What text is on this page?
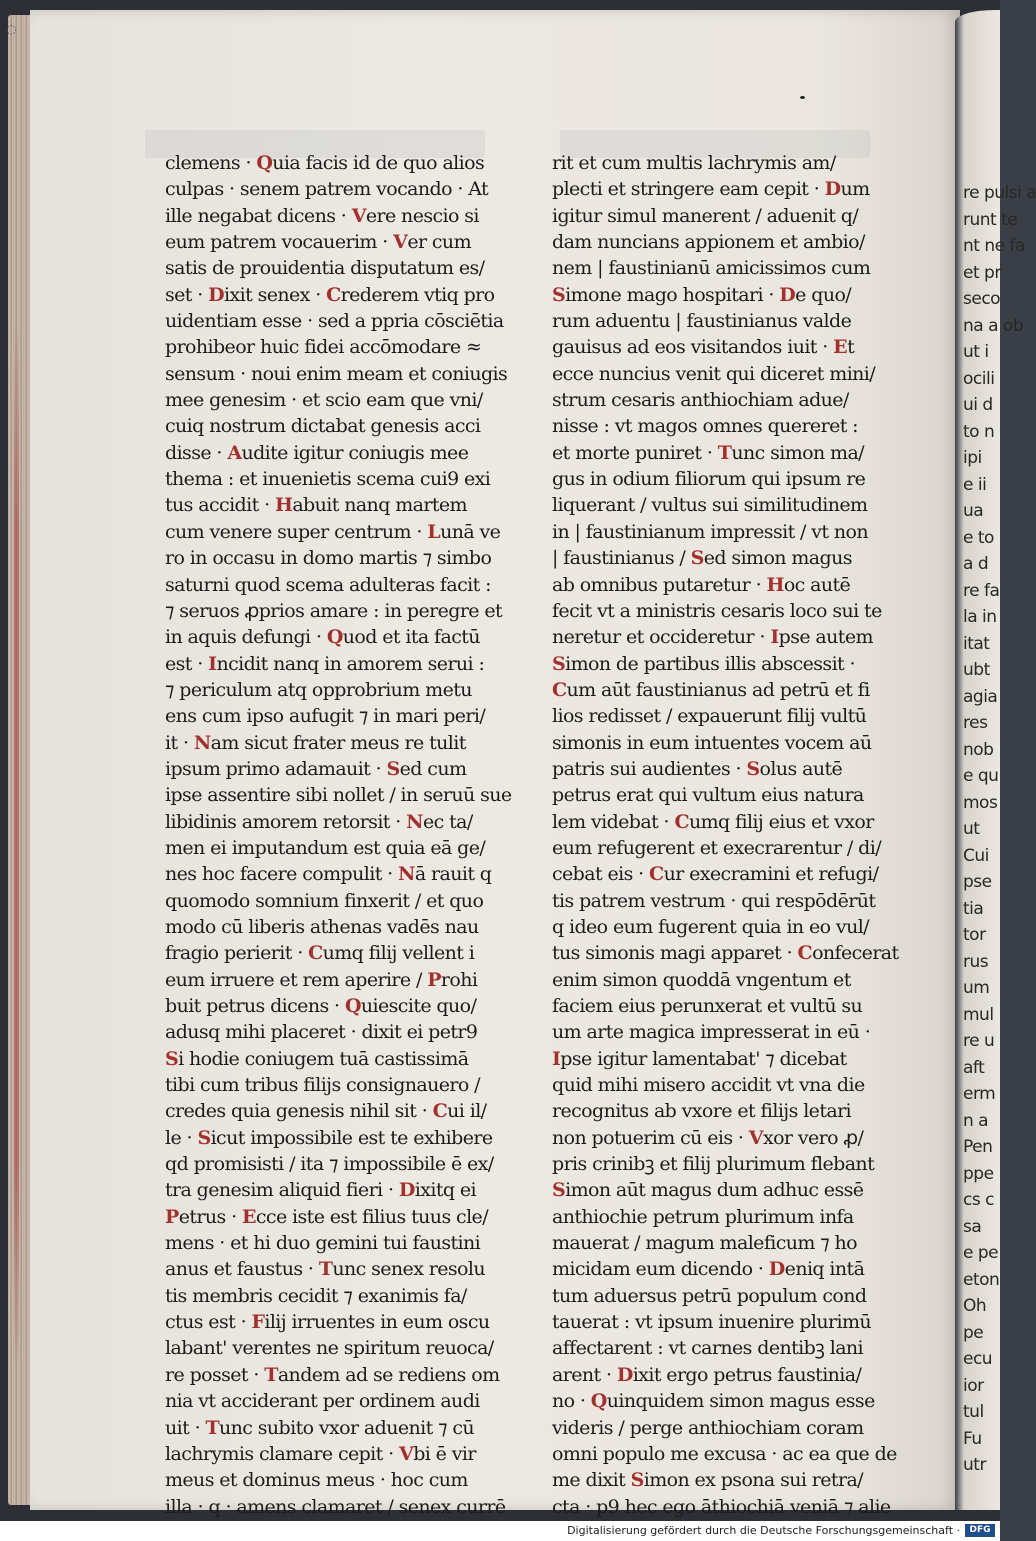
◌
re pulsi a
runt te
nt ne fa
et pr
seco
na a ob
ut i
ocili
ui d
to n
ipi
e ii
ua
e to
a d
re fa
la in
itat
ubt
agia
res
nob
e qu
mos
ut
Cui
pse
tia
tor
rus
um
mul
re u
aft
erm
n a
Pen
ppe
cs c
sa
e pe
eton
Oh
pe
ecu
ior
tul
Fu
utr
clemens · Quia facis id de quo alios
culpas · senem patrem vocando · At
ille negabat dicens · Vere nescio si
eum patrem vocauerim · Ver cum
satis de prouidentia disputatum es/
set · Dixit senex · Crederem vtiq pro
uidentiam esse · sed a ppria cōsciētia
prohibeor huic fidei accōmodare ≈
sensum · noui enim meam et coniugis
mee genesim · et scio eam que vni/
cuiq nostrum dictabat genesis acci
disse · Audite igitur coniugis mee
thema : et inuenietis scema cui9 exi
tus accidit · Habuit nanq martem
cum venere super centrum · Lunā ve
ro in occasu in domo martis ⁊ simbo
saturni quod scema adulteras facit :
⁊ seruos ꝓprios amare : in peregre et
in aquis defungi · Quod et ita factū
est · Incidit nanq in amorem serui :
⁊ periculum atq opprobrium metu
ens cum ipso aufugit ⁊ in mari peri/
it · Nam sicut frater meus re tulit
ipsum primo adamauit · Sed cum
ipse assentire sibi nollet / in seruū sue
libidinis amorem retorsit · Nec ta/
men ei imputandum est quia eā ge/
nes hoc facere compulit · Nā rauit q
quomodo somnium finxerit / et quo
modo cū liberis athenas vadēs nau
fragio perierit · Cumq filij vellent i
eum irruere et rem aperire / Prohi
buit petrus dicens · Quiescite quo/
adusq mihi placeret · dixit ei petr9
Si hodie coniugem tuā castissimā
tibi cum tribus filijs consignauero /
credes quia genesis nihil sit · Cui il/
le · Sicut impossibile est te exhibere
qd promisisti / ita ⁊ impossibile ē ex/
tra genesim aliquid fieri · Dixitq ei
Petrus · Ecce iste est filius tuus cle/
mens · et hi duo gemini tui faustini
anus et faustus · Tunc senex resolu
tis membris cecidit ⁊ exanimis fa/
ctus est · Filij irruentes in eum oscu
labant' verentes ne spiritum reuoca/
re posset · Tandem ad se rediens om
nia vt acciderant per ordinem audi
uit · Tunc subito vxor aduenit ⁊ cū
lachrymis clamare cepit · Vbi ē vir
meus et dominus meus · hoc cum
illa · q · amens clamaret / senex currē
rit et cum multis lachrymis am/
plecti et stringere eam cepit · Dum
igitur simul manerent / aduenit q/
dam nuncians appionem et ambio/
nem | faustinianū amicissimos cum
Simone mago hospitari · De quo/
rum aduentu | faustinianus valde
gauisus ad eos visitandos iuit · Et
ecce nuncius venit qui diceret mini/
strum cesaris anthiochiam adue/
nisse : vt magos omnes quereret :
et morte puniret · Tunc simon ma/
gus in odium filiorum qui ipsum re
liquerant / vultus sui similitudinem
in | faustinianum impressit / vt non
| faustinianus / Sed simon magus
ab omnibus putaretur · Hoc autē
fecit vt a ministris cesaris loco sui te
neretur et occideretur · Ipse autem
Simon de partibus illis abscessit ·
Cum aūt faustinianus ad petrū et fi
lios redisset / expauerunt filij vultū
simonis in eum intuentes vocem aū
patris sui audientes · Solus autē
petrus erat qui vultum eius natura
lem videbat · Cumq filij eius et vxor
eum refugerent et execrarentur / di/
cebat eis · Cur execramini et refugi/
tis patrem vestrum · qui respōdērūt
q ideo eum fugerent quia in eo vul/
tus simonis magi apparet · Confecerat
enim simon quoddā vngentum et
faciem eius perunxerat et vultū su
um arte magica impresserat in eū ·
Ipse igitur lamentabat' ⁊ dicebat
quid mihi misero accidit vt vna die
recognitus ab vxore et filijs letari
non potuerim cū eis · Vxor vero ꝓ/
pris crinibꝫ et filij plurimum flebant
Simon aūt magus dum adhuc essē
anthiochie petrum plurimum infa
mauerat / magum maleficum ⁊ ho
micidam eum dicendo · Deniq intā
tum aduersus petrū populum cond
tauerat : vt ipsum inuenire plurimū
affectarent : vt carnes dentibꝫ lani
arent · Dixit ergo petrus faustinia/
no · Quinquidem simon magus esse
videris / perge anthiochiam coram
omni populo me excusa · ac ea que de
me dixit Simon ex psona sui retra/
cta · p9 hec ego āthiochiā veniā ⁊ alie
Digitalisierung gefördert durch die Deutsche Forschungsgemeinschaft ·	DFG
